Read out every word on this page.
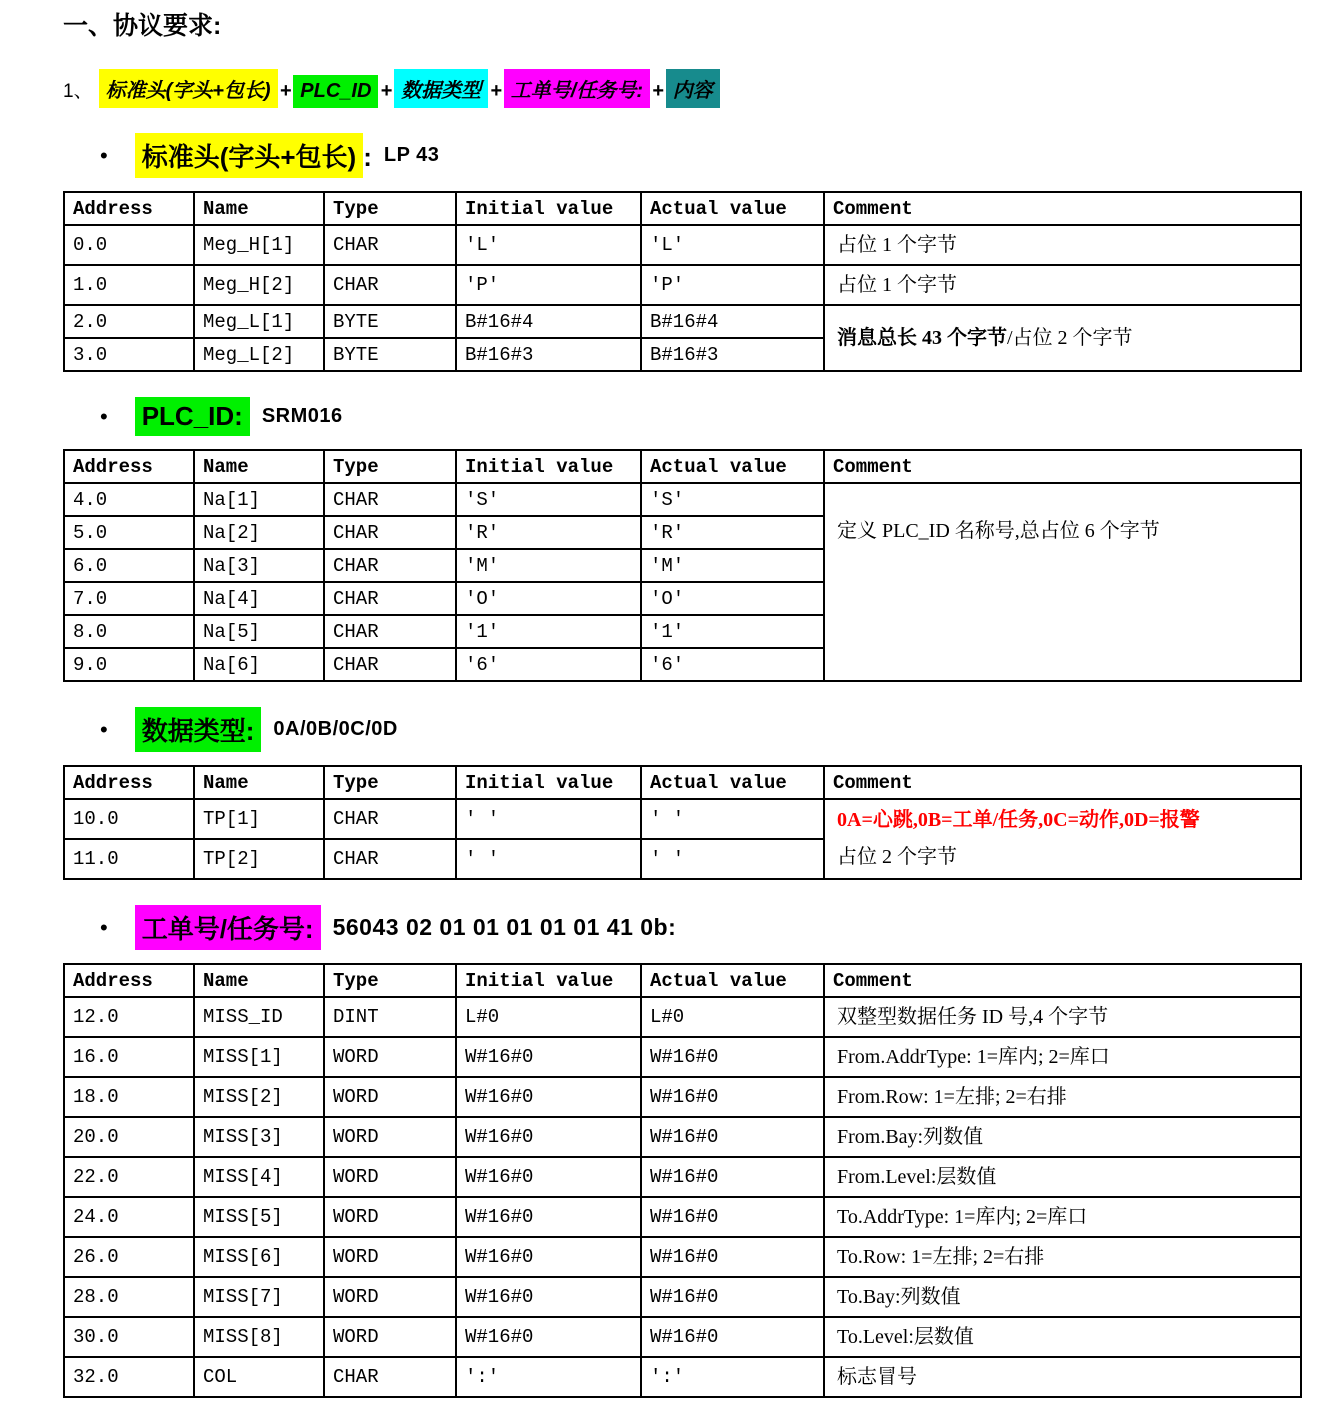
一、协议要求:
1、 标准头(字头+包长) + PLC_ID + 数据类型 + 工单号/任务号:+ 内容
• 标准头(字头+包长) : LP 43
Address	Name	Type	Initial value	Actual value	Comment
0.0	Meg_H[1]	CHAR	'L'	'L'	占位 1 个字节

1.0	Meg_H[2]	CHAR	'P'	'P'	占位 1 个字节

2.0	Meg_L[1]	BYTE	B#16#4	B#16#4	消息总长 43 个字节/占位 2 个字节

3.0	Meg_L[2]	BYTE	B#16#3	B#16#3	
• PLC_ID: SRM016
Address	Name	Type	Initial value	Actual value	Comment
4.0	Na[1]	CHAR	'S'	'S'	定义 PLC_ID 名称号,总占位 6 个字节

5.0	Na[2]	CHAR	'R'	'R'	
6.0	Na[3]	CHAR	'M'	'M'	
7.0	Na[4]	CHAR	'O'	'O'	
8.0	Na[5]	CHAR	'1'	'1'	
9.0	Na[6]	CHAR	'6'	'6'	
• 数据类型: 0A/0B/0C/0D
Address	Name	Type	Initial value	Actual value	Comment
10.0	TP[1]	CHAR	' '	' '	0A=心跳,0B=工单/任务,0C=动作,0D=报警
占位 2 个字节

11.0	TP[2]	CHAR	' '	' '	
• 工单号/任务号: 56043 02 01 01 01 01 01 41 0b:
Address	Name	Type	Initial value	Actual value	Comment
12.0	MISS_ID	DINT	L#0	L#0	双整型数据任务 ID 号,4 个字节

16.0	MISS[1]	WORD	W#16#0	W#16#0	From.AddrType: 1=库内; 2=库口

18.0	MISS[2]	WORD	W#16#0	W#16#0	From.Row: 1=左排; 2=右排

20.0	MISS[3]	WORD	W#16#0	W#16#0	From.Bay:列数值

22.0	MISS[4]	WORD	W#16#0	W#16#0	From.Level:层数值

24.0	MISS[5]	WORD	W#16#0	W#16#0	To.AddrType: 1=库内; 2=库口

26.0	MISS[6]	WORD	W#16#0	W#16#0	To.Row: 1=左排; 2=右排

28.0	MISS[7]	WORD	W#16#0	W#16#0	To.Bay:列数值

30.0	MISS[8]	WORD	W#16#0	W#16#0	To.Level:层数值

32.0	COL	CHAR	':'	':'	标志冒号
